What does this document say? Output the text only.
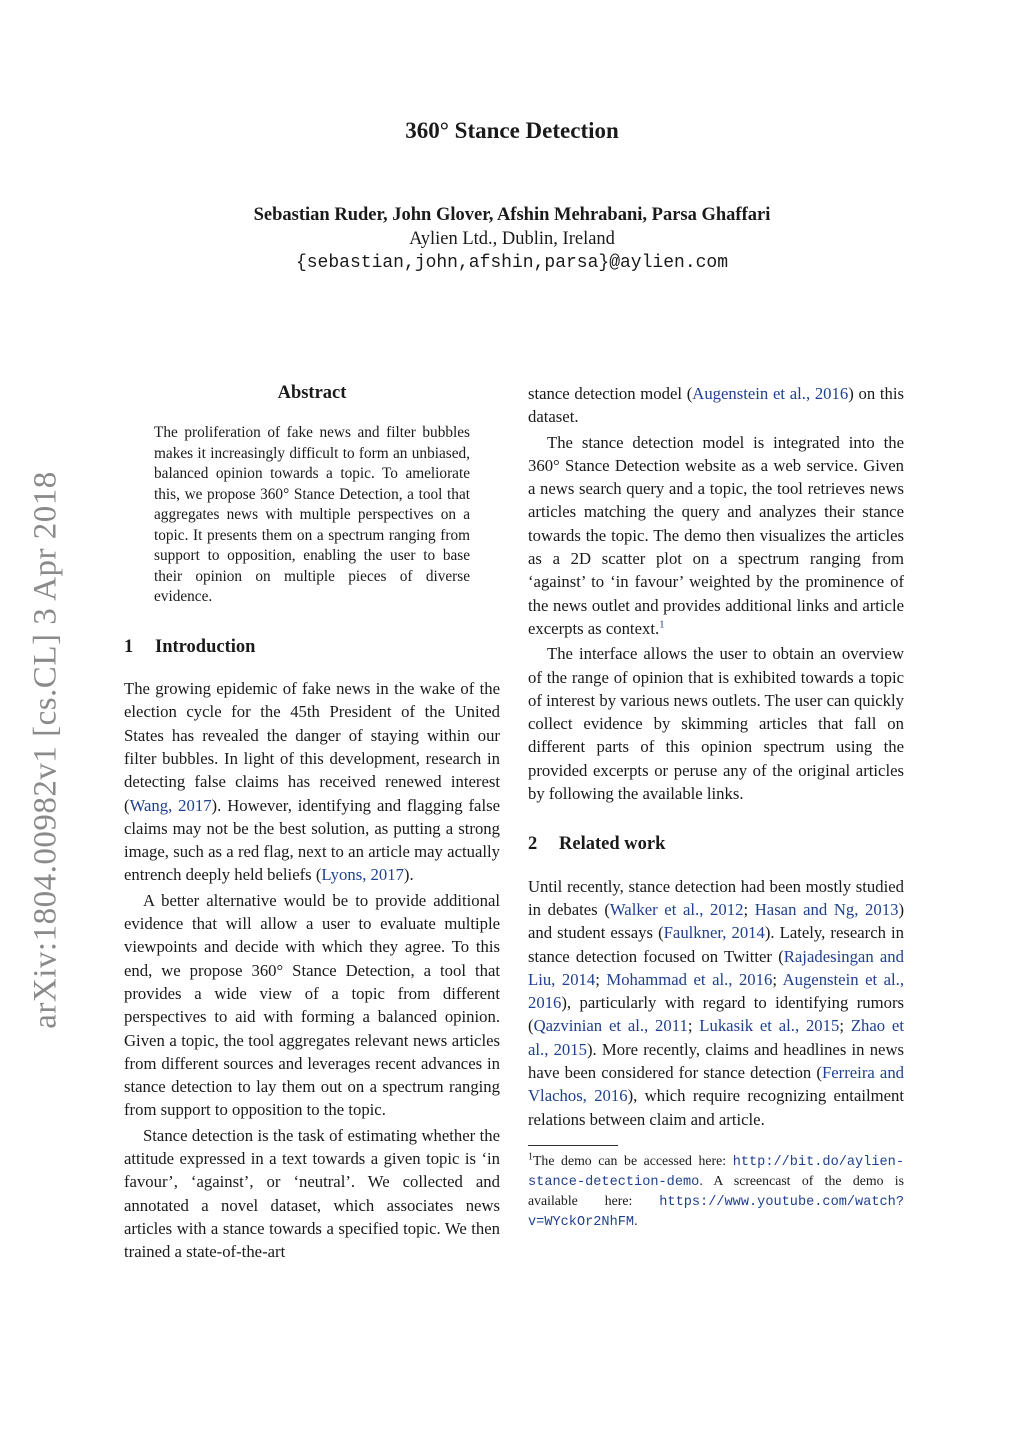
arXiv:1804.00982v1 [cs.CL] 3 Apr 2018
360° Stance Detection
Sebastian Ruder, John Glover, Afshin Mehrabani, Parsa Ghaffari
Aylien Ltd., Dublin, Ireland
{sebastian,john,afshin,parsa}@aylien.com
Abstract
The proliferation of fake news and filter bubbles makes it increasingly difficult to form an unbiased, balanced opinion towards a topic. To ameliorate this, we propose 360° Stance Detection, a tool that aggregates news with multiple perspectives on a topic. It presents them on a spectrum ranging from support to opposition, enabling the user to base their opinion on multiple pieces of diverse evidence.
1 Introduction

The growing epidemic of fake news in the wake of the election cycle for the 45th President of the United States has revealed the danger of staying within our filter bubbles. In light of this development, research in detecting false claims has received renewed interest (Wang, 2017). However, identifying and flagging false claims may not be the best solution, as putting a strong image, such as a red flag, next to an article may actually entrench deeply held beliefs (Lyons, 2017).

A better alternative would be to provide additional evidence that will allow a user to evaluate multiple viewpoints and decide with which they agree. To this end, we propose 360° Stance Detection, a tool that provides a wide view of a topic from different perspectives to aid with forming a balanced opinion. Given a topic, the tool aggregates relevant news articles from different sources and leverages recent advances in stance detection to lay them out on a spectrum ranging from support to opposition to the topic.

Stance detection is the task of estimating whether the attitude expressed in a text towards a given topic is ‘in favour’, ‘against’, or ‘neutral’. We collected and annotated a novel dataset, which associates news articles with a stance towards a specified topic. We then trained a state-of-the-art

stance detection model (Augenstein et al., 2016) on this dataset.

The stance detection model is integrated into the 360° Stance Detection website as a web service. Given a news search query and a topic, the tool retrieves news articles matching the query and analyzes their stance towards the topic. The demo then visualizes the articles as a 2D scatter plot on a spectrum ranging from ‘against’ to ‘in favour’ weighted by the prominence of the news outlet and provides additional links and article excerpts as context.$^1$

The interface allows the user to obtain an overview of the range of opinion that is exhibited towards a topic of interest by various news outlets. The user can quickly collect evidence by skimming articles that fall on different parts of this opinion spectrum using the provided excerpts or peruse any of the original articles by following the available links.

2 Related work

Until recently, stance detection had been mostly studied in debates (Walker et al., 2012; Hasan and Ng, 2013) and student essays (Faulkner, 2014). Lately, research in stance detection focused on Twitter (Rajadesingan and Liu, 2014; Mohammad et al., 2016; Augenstein et al., 2016), particularly with regard to identifying rumors (Qazvinian et al., 2011; Lukasik et al., 2015; Zhao et al., 2015). More recently, claims and headlines in news have been considered for stance detection (Ferreira and Vlachos, 2016), which require recognizing entailment relations between claim and article.

$^1$The demo can be accessed here: http://bit.do/aylien-stance-detection-demo. A screencast of the demo is available here: https://www.youtube.com/watch?v=WYckOr2NhFM.
